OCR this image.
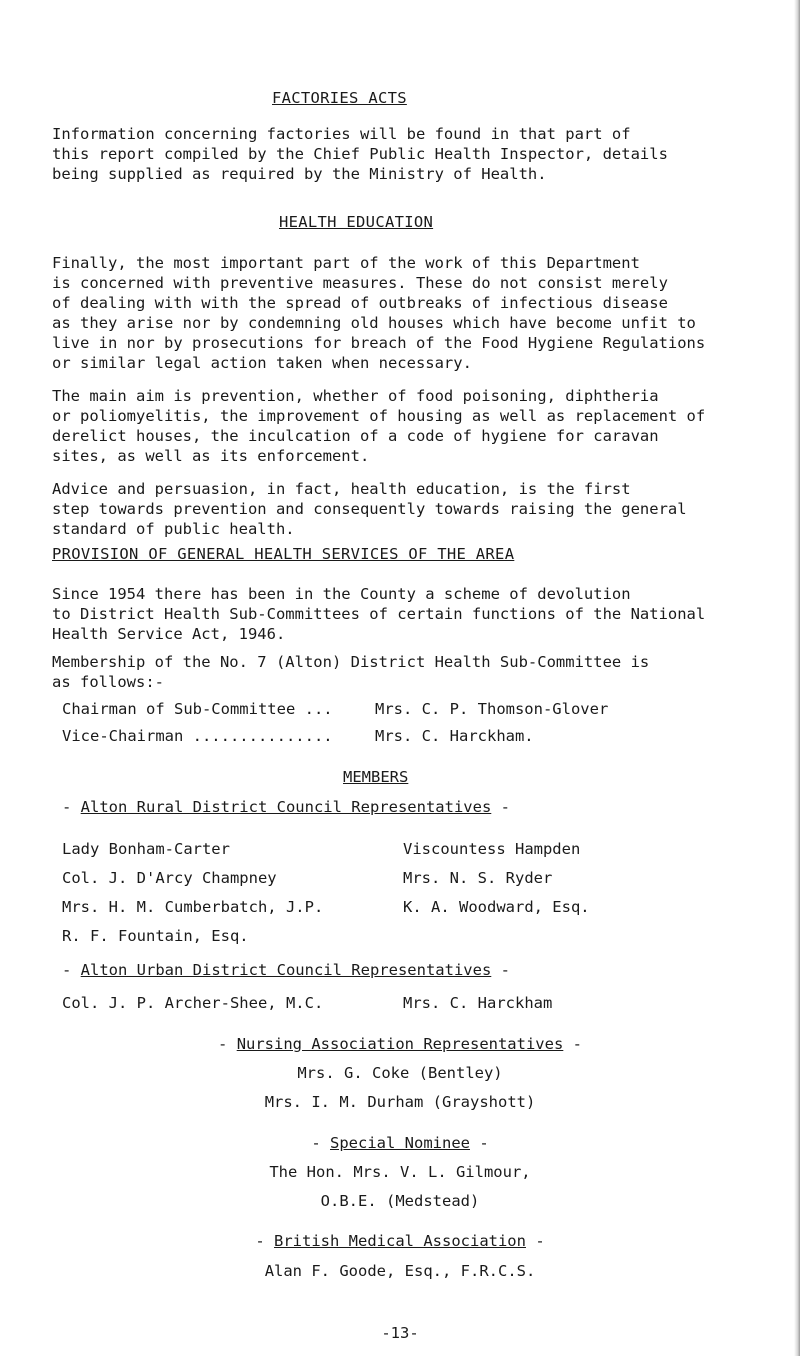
FACTORIES ACTS

Information concerning factories will be found in that part of
this report compiled by the Chief Public Health Inspector, details
being supplied as required by the Ministry of Health.

HEALTH EDUCATION

Finally, the most important part of the work of this Department
is concerned with preventive measures. These do not consist merely
of dealing with with the spread of outbreaks of infectious disease
as they arise nor by condemning old houses which have become unfit to
live in nor by prosecutions for breach of the Food Hygiene Regulations
or similar legal action taken when necessary.

The main aim is prevention, whether of food poisoning, diphtheria
or poliomyelitis, the improvement of housing as well as replacement of
derelict houses, the inculcation of a code of hygiene for caravan
sites, as well as its enforcement.

Advice and persuasion, in fact, health education, is the first
step towards prevention and consequently towards raising the general
standard of public health.

PROVISION OF GENERAL HEALTH SERVICES OF THE AREA

Since 1954 there has been in the County a scheme of devolution
to District Health Sub-Committees of certain functions of the National
Health Service Act, 1946.

Membership of the No. 7 (Alton) District Health Sub-Committee is
as follows:-

Chairman of Sub-Committee ...	Mrs. C. P. Thomson-Glover
Vice-Chairman ...............	Mrs. C. Harckham.
MEMBERS
- Alton Rural District Council Representatives -
Lady Bonham-Carter	Viscountess Hampden
Col. J. D'Arcy Champney	Mrs. N. S. Ryder
Mrs. H. M. Cumberbatch, J.P.	K. A. Woodward, Esq.
R. F. Fountain, Esq.
- Alton Urban District Council Representatives -
Col. J. P. Archer-Shee, M.C.	Mrs. C. Harckham
- Nursing Association Representatives -
Mrs. G. Coke (Bentley)
Mrs. I. M. Durham (Grayshott)
- Special Nominee -
The Hon. Mrs. V. L. Gilmour,
O.B.E. (Medstead)
- British Medical Association -
Alan F. Goode, Esq., F.R.C.S.
-13-
